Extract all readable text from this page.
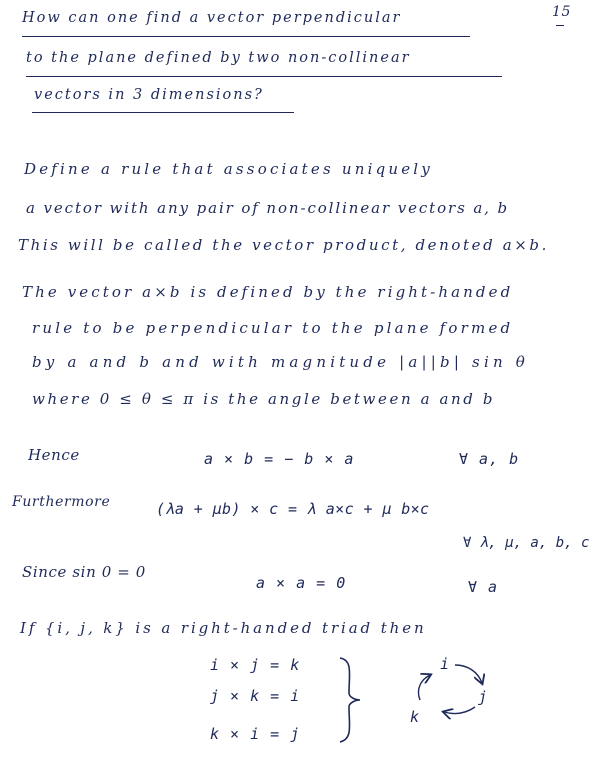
15
How can one find a vector perpendicular
to the plane defined by two non-collinear
vectors in 3 dimensions?
Define a rule that associates uniquely
a vector with any pair of non-collinear vectors a, b
This will be called the vector product, denoted a×b.
The vector a×b is defined by the right-handed
rule to be perpendicular to the plane formed
by a and b and with magnitude |a||b| sin θ
where 0 ≤ θ ≤ π is the angle between a and b
Hence	a × b = − b × a	∀ a, b
Furthermore	(λa + μb) × c = λ a×c + μ b×c
∀ λ, μ, a, b, c
Since sin 0 = 0
a × a = 0	∀ a
If {i, j, k} is a right-handed triad then
i × j = k
j × k = i
k × i = j
i
j
k
